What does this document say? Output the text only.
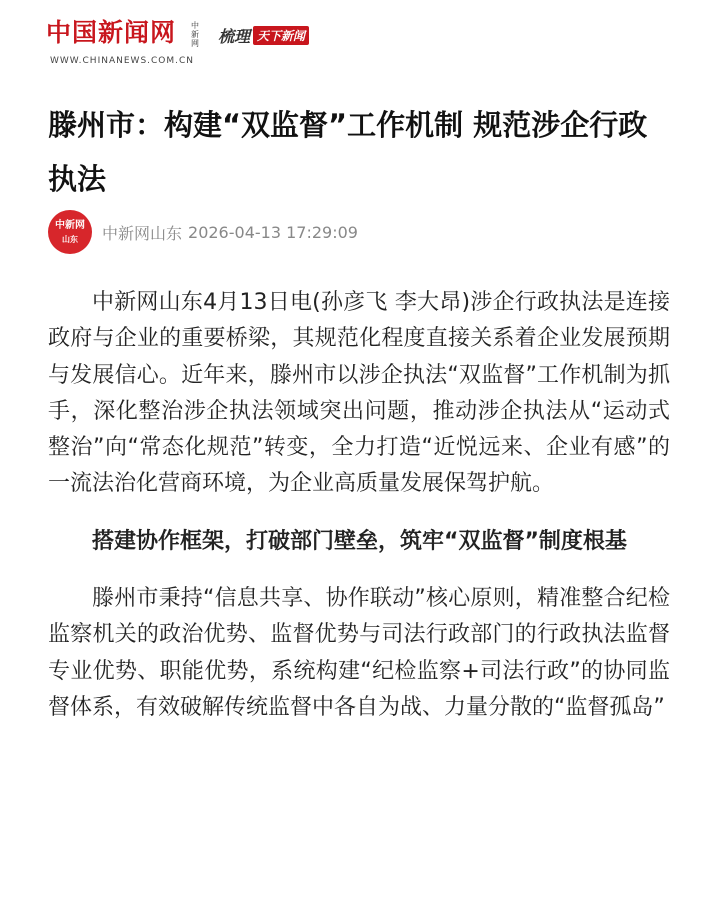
中国新闻网 中新网
WWW.CHINANEWS.COM.CN
梳理 天下新闻
滕州市：构建“双监督”工作机制 规范涉企行政执法
中新网
山东 中新网山东 2026-04-13 17:29:09

中新网山东4月13日电(孙彦飞 李大昂)涉企行政执法是连接政府与企业的重要桥梁，其规范化程度直接关系着企业发展预期与发展信心。近年来，滕州市以涉企执法“双监督”工作机制为抓手，深化整治涉企执法领域突出问题，推动涉企执法从“运动式整治”向“常态化规范”转变，全力打造“近悦远来、企业有感”的一流法治化营商环境，为企业高质量发展保驾护航。

搭建协作框架，打破部门壁垒，筑牢“双监督”制度根基

滕州市秉持“信息共享、协作联动”核心原则，精准整合纪检监察机关的政治优势、监督优势与司法行政部门的行政执法监督专业优势、职能优势，系统构建“纪检监察+司法行政”的协同监督体系，有效破解传统监督中各自为战、力量分散的“监督孤岛”
